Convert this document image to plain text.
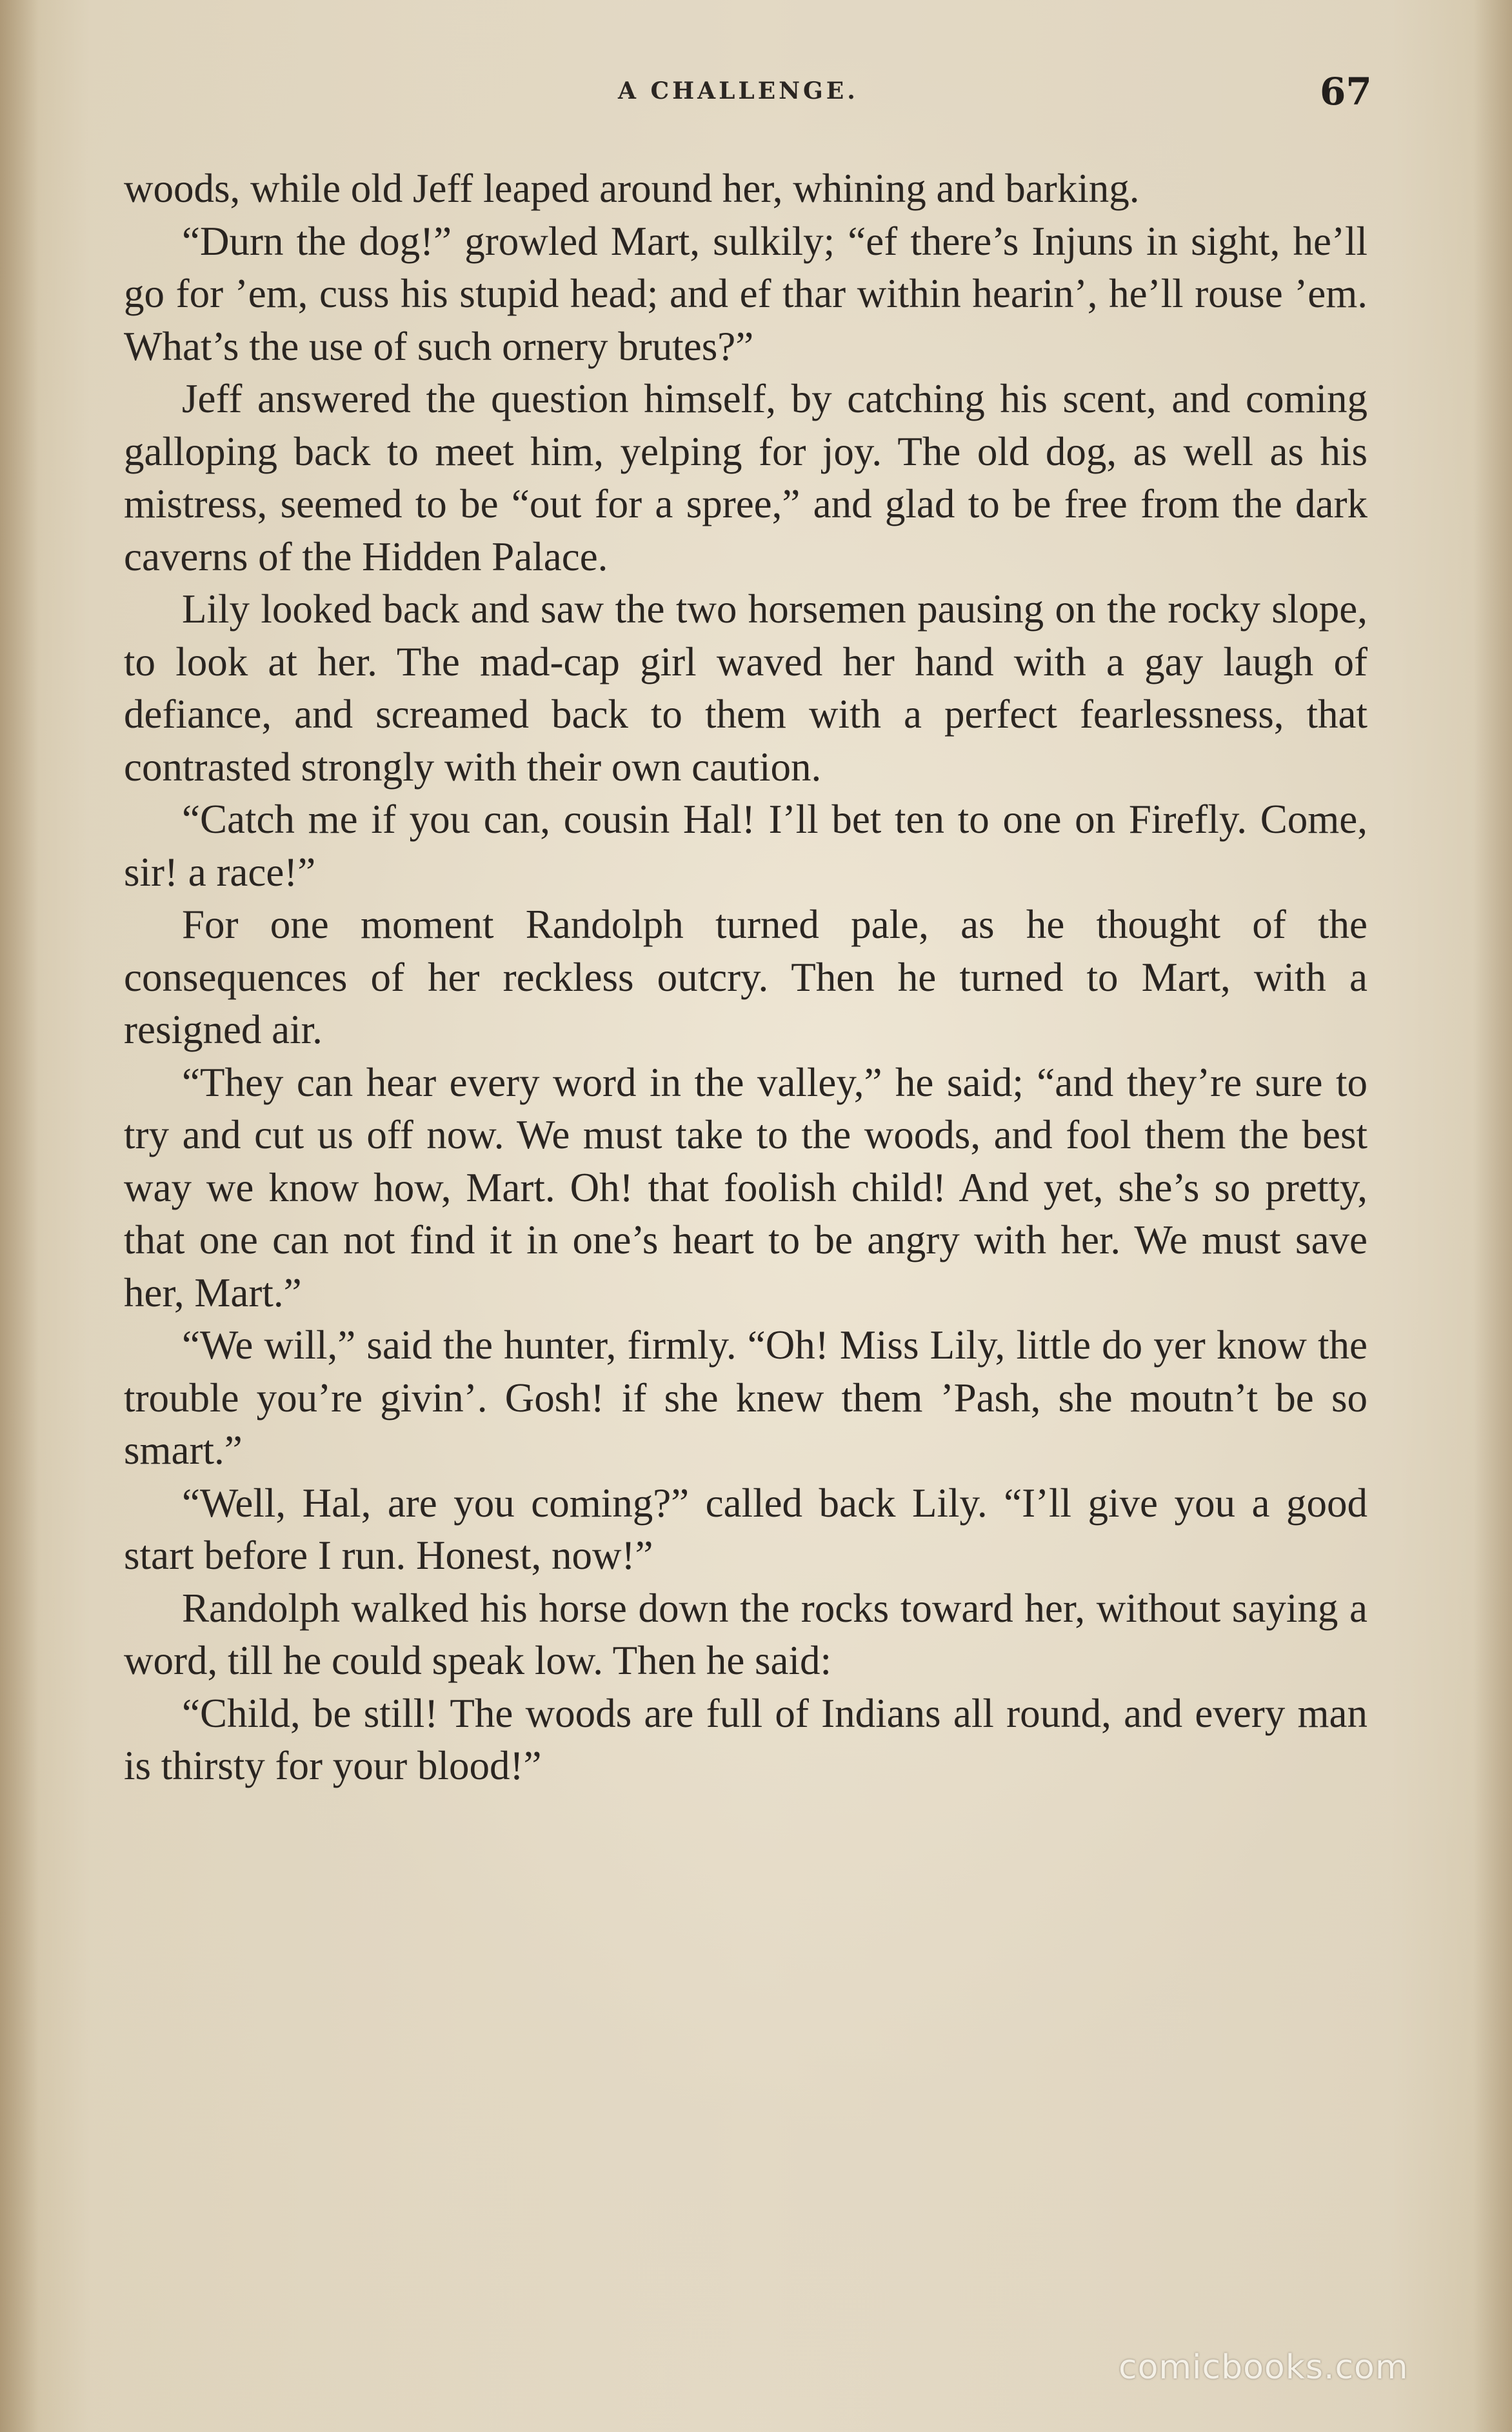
A CHALLENGE.	67

woods, while old Jeff leaped around her, whining and barking.

“Durn the dog!” growled Mart, sulkily; “ef there’s Injuns in sight, he’ll go for ’em, cuss his stupid head; and ef thar within hearin’, he’ll rouse ’em. What’s the use of such ornery brutes?”

Jeff answered the question himself, by catching his scent, and coming galloping back to meet him, yelping for joy. The old dog, as well as his mistress, seemed to be “out for a spree,” and glad to be free from the dark caverns of the Hidden Palace.

Lily looked back and saw the two horsemen pausing on the rocky slope, to look at her. The mad-cap girl waved her hand with a gay laugh of defiance, and screamed back to them with a perfect fearlessness, that contrasted strongly with their own caution.

“Catch me if you can, cousin Hal! I’ll bet ten to one on Firefly. Come, sir! a race!”

For one moment Randolph turned pale, as he thought of the consequences of her reckless outcry. Then he turned to Mart, with a resigned air.

“They can hear every word in the valley,” he said; “and they’re sure to try and cut us off now. We must take to the woods, and fool them the best way we know how, Mart. Oh! that foolish child! And yet, she’s so pretty, that one can not find it in one’s heart to be angry with her. We must save her, Mart.”

“We will,” said the hunter, firmly. “Oh! Miss Lily, little do yer know the trouble you’re givin’. Gosh! if she knew them ’Pash, she moutn’t be so smart.”

“Well, Hal, are you coming?” called back Lily. “I’ll give you a good start before I run. Honest, now!”

Randolph walked his horse down the rocks toward her, without saying a word, till he could speak low. Then he said:

“Child, be still! The woods are full of Indians all round, and every man is thirsty for your blood!”

comicbooks.com
